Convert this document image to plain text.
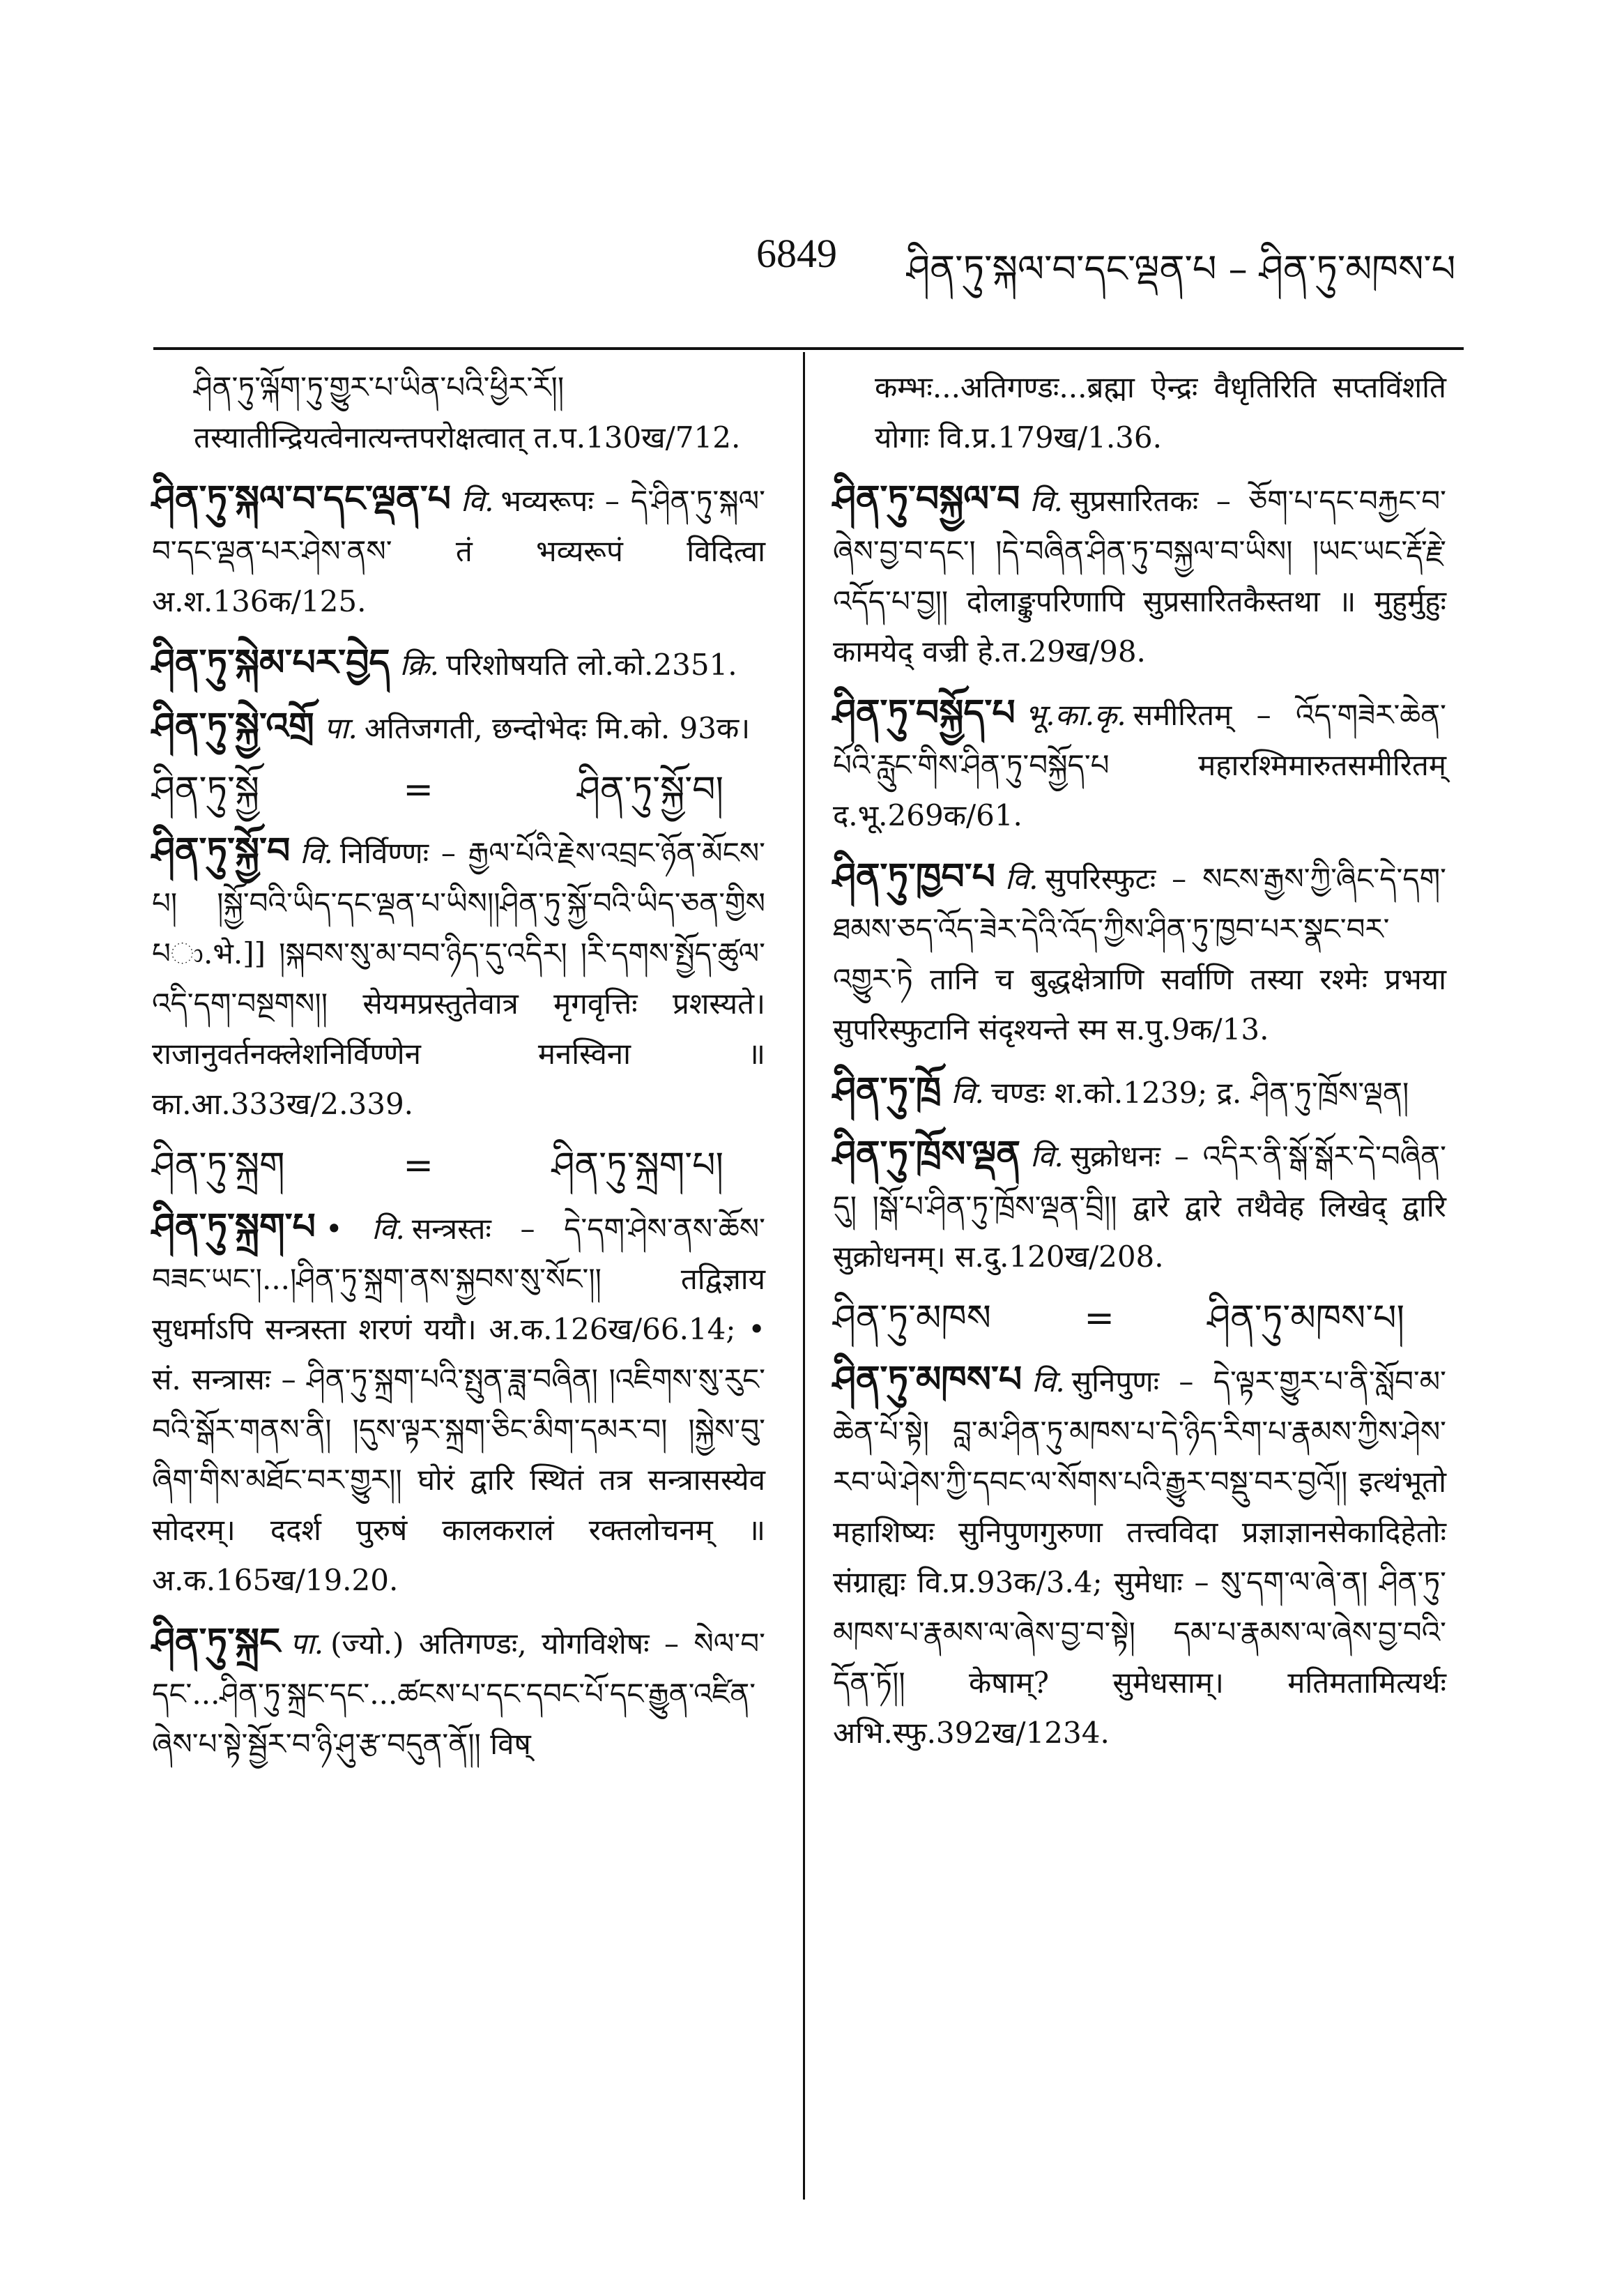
6849 ཤིན་ཏུ་སྐལ་བ་དང་ལྡན་པ – ཤིན་ཏུ་མཁས་པ
ཤིན་ཏུ་ལྐོག་ཏུ་གྱུར་པ་ཡིན་པའི་ཕྱིར་རོ།། तस्यातीन्द्रियत्वेनात्यन्तपरोक्षत्वात् त.प.130ख/712.
ཤིན་ཏུ་སྐལ་བ་དང་ལྡན་པ वि. भव्यरूपः – དེ་ཤིན་ཏུ་སྐལ་བ་དང་ལྡན་པར་ཤེས་ནས་ तं भव्यरूपं विदित्वा अ.श.136क/125.
ཤིན་ཏུ་སྐེམ་པར་བྱེད क्रि. परिशोषयति लो.को.2351.
ཤིན་ཏུ་སྐྱེ་འགྲོ पा. अतिजगती, छन्दोभेदः मि.को. 93क।
ཤིན་ཏུ་སྐྱོ	=	ཤིན་ཏུ་སྐྱོ་བ།
ཤིན་ཏུ་སྐྱོ་བ वि. निर्विण्णः – རྒྱལ་པོའི་རྗེས་འབྲང་ཉོན་མོངས་པ། །སྐྱོ་བའི་ཡིད་དང་ལྡན་པ་ཡིས།།ཤིན་ཏུ་སྐྱོ་བའི་ཡིད་ཅན་གྱིས པා.भे.]] །སྐབས་སུ་མ་བབ་ཉིད་དུ་འདིར། །རི་དགས་སྤྱོད་ཚུལ་འདི་དག་བསྔགས།། सेयमप्रस्तुतेवात्र मृगवृत्तिः प्रशस्यते। राजानुवर्तनक्लेशनिर्विण्णेन मनस्विना ॥ का.आ.333ख/2.339.
ཤིན་ཏུ་སྐྲག	=	ཤིན་ཏུ་སྐྲག་པ།
ཤིན་ཏུ་སྐྲག་པ • वि. सन्त्रस्तः – དེ་དག་ཤེས་ནས་ཆོས་བཟང་ཡང་།...།ཤིན་ཏུ་སྐྲག་ནས་སྐྱབས་སུ་སོང་།། तद्विज्ञाय सुधर्माऽपि सन्त्रस्ता शरणं ययौ। अ.क.126ख/66.14; • सं. सन्त्रासः – ཤིན་ཏུ་སྐྲག་པའི་སྤུན་ཟླ་བཞིན། །འཇིགས་སུ་རུང་བའི་སྒོར་གནས་ནི། །དུས་ལྟར་སྐྲག་ཅིང་མིག་དམར་བ། །སྐྱེས་བུ་ཞིག་གིས་མཐོང་བར་གྱུར།། घोरं द्वारि स्थितं तत्र सन्त्रासस्येव सोदरम्। ददर्श पुरुषं कालकरालं रक्तलोचनम् ॥ अ.क.165ख/19.20.
ཤིན་ཏུ་སྐྲང पा. (ज्यो.) अतिगण्डः, योगविशेषः – སེལ་བ་དང་...ཤིན་ཏུ་སྐྲང་དང་...ཚངས་པ་དང་དབང་པོ་དང་རྒྱུན་འཛིན་ཞེས་པ་སྟེ་སྦྱོར་བ་ཉི་ཤུ་རྩ་བདུན་ནོ།། विष्
कम्भः...अतिगण्डः...ब्रह्मा ऐन्द्रः वैधृतिरिति सप्तविंशति योगाः वि.प्र.179ख/1.36.
ཤིན་ཏུ་བསྐྱལ་བ वि. सुप्रसारितकः – ཅོག་པ་དང་བརྐྱང་བ་ཞེས་བྱ་བ་དང་། །དེ་བཞིན་ཤིན་ཏུ་བསྐྱལ་བ་ཡིས། །ཡང་ཡང་རྡོ་རྗེ་འདོད་པ་བྱ།། दोलाङ्कुपरिणापि सुप्रसारितकैस्तथा ॥ मुहुर्मुहुः कामयेद् वज्री हे.त.29ख/98.
ཤིན་ཏུ་བསྐྱོད་པ भू.का.कृ. समीरितम् – འོད་གཟེར་ཆེན་པོའི་རླུང་གིས་ཤིན་ཏུ་བསྐྱོད་པ महारश्मिमारुतसमीरितम् द.भू.269क/61.
ཤིན་ཏུ་ཁྱབ་པ वि. सुपरिस्फुटः – སངས་རྒྱས་ཀྱི་ཞིང་དེ་དག་ཐམས་ཅད་འོད་ཟེར་དེའི་འོད་ཀྱིས་ཤིན་ཏུ་ཁྱབ་པར་སྣང་བར་འགྱུར་ཏེ तानि च बुद्धक्षेत्राणि सर्वाणि तस्या रश्मेः प्रभया सुपरिस्फुटानि संदृश्यन्ते स्म स.पु.9क/13.
ཤིན་ཏུ་ཁྲོ वि. चण्डः श.को.1239; द्र. ཤིན་ཏུ་ཁྲོས་ལྡན།
ཤིན་ཏུ་ཁྲོས་ལྡན वि. सुक्रोधनः – འདིར་ནི་སྒོ་སྒོར་དེ་བཞིན་དུ། །སྒོ་པ་ཤིན་ཏུ་ཁྲོས་ལྡན་བྲི།། द्वारे द्वारे तथैवेह लिखेद् द्वारि सुक्रोधनम्। स.दु.120ख/208.
ཤིན་ཏུ་མཁས	=	ཤིན་ཏུ་མཁས་པ།
ཤིན་ཏུ་མཁས་པ वि. सुनिपुणः – དེ་ལྟར་གྱུར་པ་ནི་སློབ་མ་ཆེན་པོ་སྟེ། བླ་མ་ཤིན་ཏུ་མཁས་པ་དེ་ཉིད་རིག་པ་རྣམས་ཀྱིས་ཤེས་རབ་ཡེ་ཤེས་ཀྱི་དབང་ལ་སོགས་པའི་རྒྱུར་བསྡུ་བར་བྱའོ།། इत्थंभूतो महाशिष्यः सुनिपुणगुरुणा तत्त्वविदा प्रज्ञाज्ञानसेकादिहेतोः संग्राह्यः वि.प्र.93क/3.4; सुमेधाः – སུ་དག་ལ་ཞེ་ན། ཤིན་ཏུ་མཁས་པ་རྣམས་ལ་ཞེས་བྱ་བ་སྟེ། དམ་པ་རྣམས་ལ་ཞེས་བྱ་བའི་དོན་ཏོ།། केषाम्? सुमेधसाम्। मतिमतामित्यर्थः अभि.स्फु.392ख/1234.
